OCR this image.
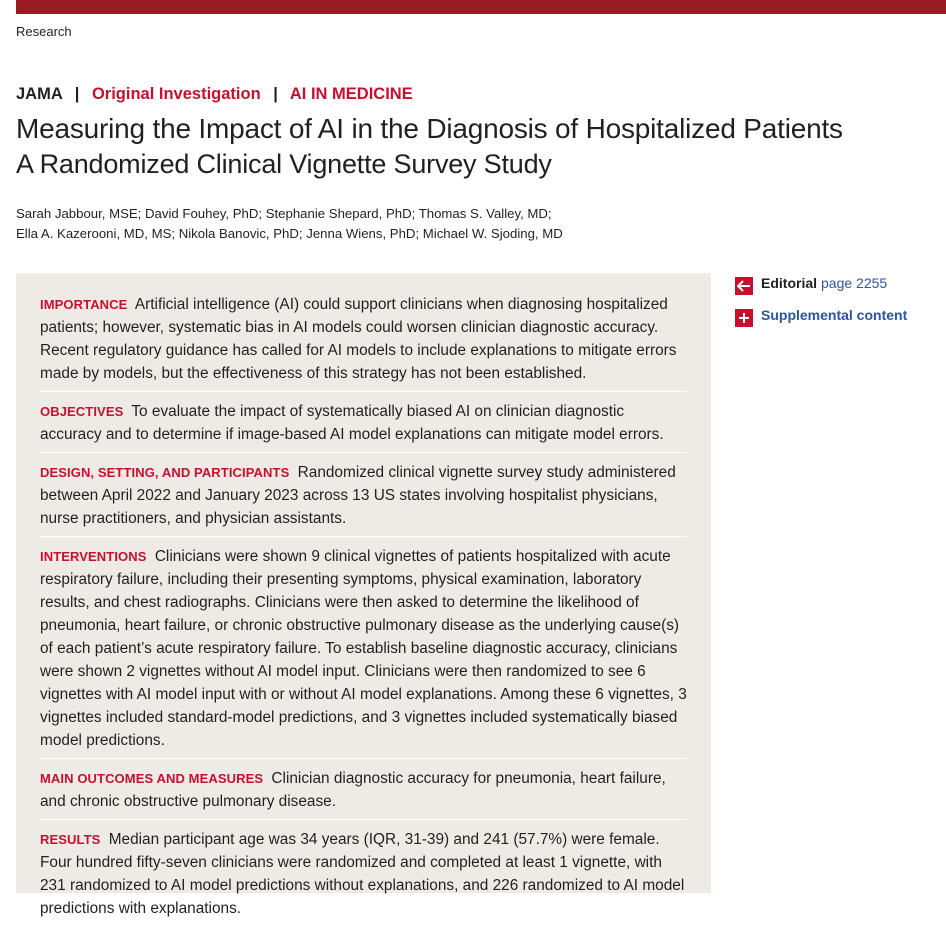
Research
JAMA | Original Investigation | AI IN MEDICINE
Measuring the Impact of AI in the Diagnosis of Hospitalized Patients
A Randomized Clinical Vignette Survey Study
Sarah Jabbour, MSE; David Fouhey, PhD; Stephanie Shepard, PhD; Thomas S. Valley, MD;
Ella A. Kazerooni, MD, MS; Nikola Banovic, PhD; Jenna Wiens, PhD; Michael W. Sjoding, MD
IMPORTANCE Artificial intelligence (AI) could support clinicians when diagnosing hospitalized patients; however, systematic bias in AI models could worsen clinician diagnostic accuracy. Recent regulatory guidance has called for AI models to include explanations to mitigate errors made by models, but the effectiveness of this strategy has not been established.
OBJECTIVES To evaluate the impact of systematically biased AI on clinician diagnostic accuracy and to determine if image-based AI model explanations can mitigate model errors.
DESIGN, SETTING, AND PARTICIPANTS Randomized clinical vignette survey study administered between April 2022 and January 2023 across 13 US states involving hospitalist physicians, nurse practitioners, and physician assistants.
INTERVENTIONS Clinicians were shown 9 clinical vignettes of patients hospitalized with acute respiratory failure, including their presenting symptoms, physical examination, laboratory results, and chest radiographs. Clinicians were then asked to determine the likelihood of pneumonia, heart failure, or chronic obstructive pulmonary disease as the underlying cause(s) of each patient’s acute respiratory failure. To establish baseline diagnostic accuracy, clinicians were shown 2 vignettes without AI model input. Clinicians were then randomized to see 6 vignettes with AI model input with or without AI model explanations. Among these 6 vignettes, 3 vignettes included standard-model predictions, and 3 vignettes included systematically biased model predictions.
MAIN OUTCOMES AND MEASURES Clinician diagnostic accuracy for pneumonia, heart failure, and chronic obstructive pulmonary disease.
RESULTS Median participant age was 34 years (IQR, 31-39) and 241 (57.7%) were female. Four hundred fifty-seven clinicians were randomized and completed at least 1 vignette, with 231 randomized to AI model predictions without explanations, and 226 randomized to AI model predictions with explanations.
Editorial page 2255
Supplemental content
